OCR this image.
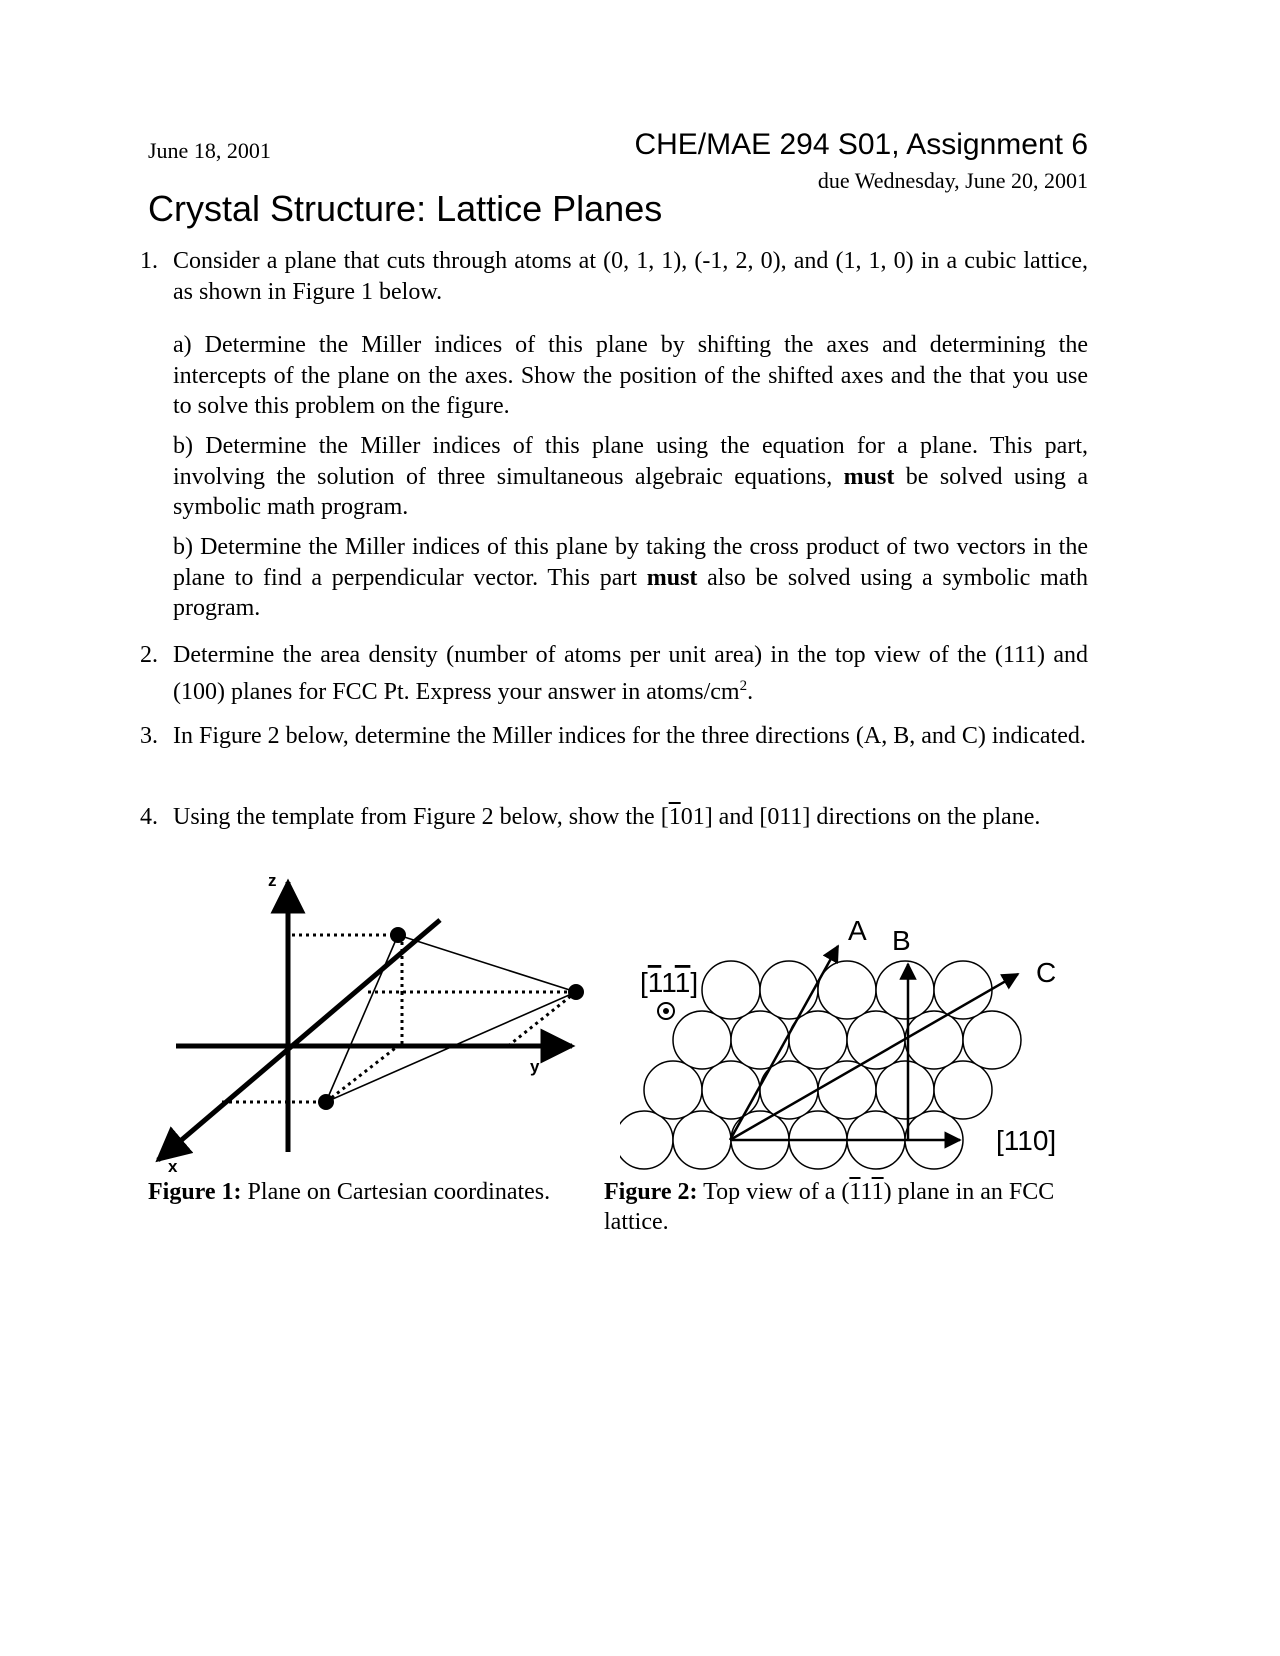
June 18, 2001	CHE/MAE 294 S01, Assignment 6
due Wednesday, June 20, 2001
Crystal Structure: Lattice Planes
1. Consider a plane that cuts through atoms at (0, 1, 1), (-1, 2, 0), and (1, 1, 0) in a cubic lattice, as shown in Figure 1 below.
a) Determine the Miller indices of this plane by shifting the axes and determining the intercepts of the plane on the axes. Show the position of the shifted axes and the that you use to solve this problem on the figure.
b) Determine the Miller indices of this plane using the equation for a plane. This part, involving the solution of three simultaneous algebraic equations, must be solved using a symbolic math program.
b) Determine the Miller indices of this plane by taking the cross product of two vectors in the plane to find a perpendicular vector. This part must also be solved using a symbolic math program.
2. Determine the area density (number of atoms per unit area) in the top view of the (111) and (100) planes for FCC Pt. Express your answer in atoms/$cm^2$.
3. In Figure 2 below, determine the Miller indices for the three directions (A, B, and C) indicated.
4. Using the template from Figure 2 below, show the [101] and [011] directions on the plane.
z
y
x
Figure 1: Plane on Cartesian coordinates.
A B
C
[111]
[110]
Figure 2: Top view of a (111) plane in an FCC lattice.
